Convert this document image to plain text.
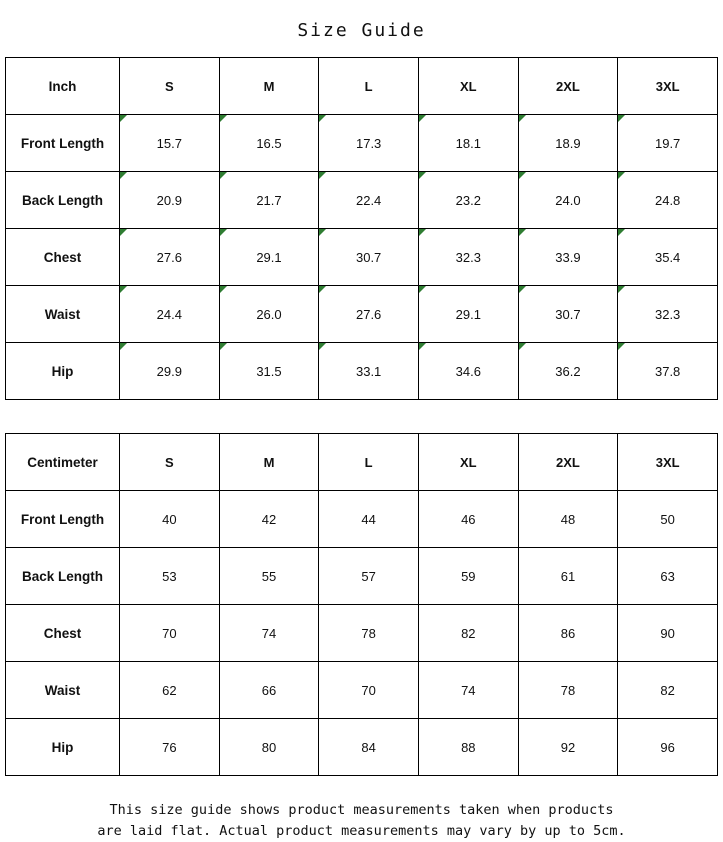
Size Guide
Inch	S	M	L	XL	2XL	3XL
Front Length	15.7	16.5	17.3	18.1	18.9	19.7
Back Length	20.9	21.7	22.4	23.2	24.0	24.8
Chest	27.6	29.1	30.7	32.3	33.9	35.4
Waist	24.4	26.0	27.6	29.1	30.7	32.3
Hip	29.9	31.5	33.1	34.6	36.2	37.8
Centimeter	S	M	L	XL	2XL	3XL
Front Length	40	42	44	46	48	50
Back Length	53	55	57	59	61	63
Chest	70	74	78	82	86	90
Waist	62	66	70	74	78	82
Hip	76	80	84	88	92	96
This size guide shows product measurements taken when products
are laid flat. Actual product measurements may vary by up to 5cm.
